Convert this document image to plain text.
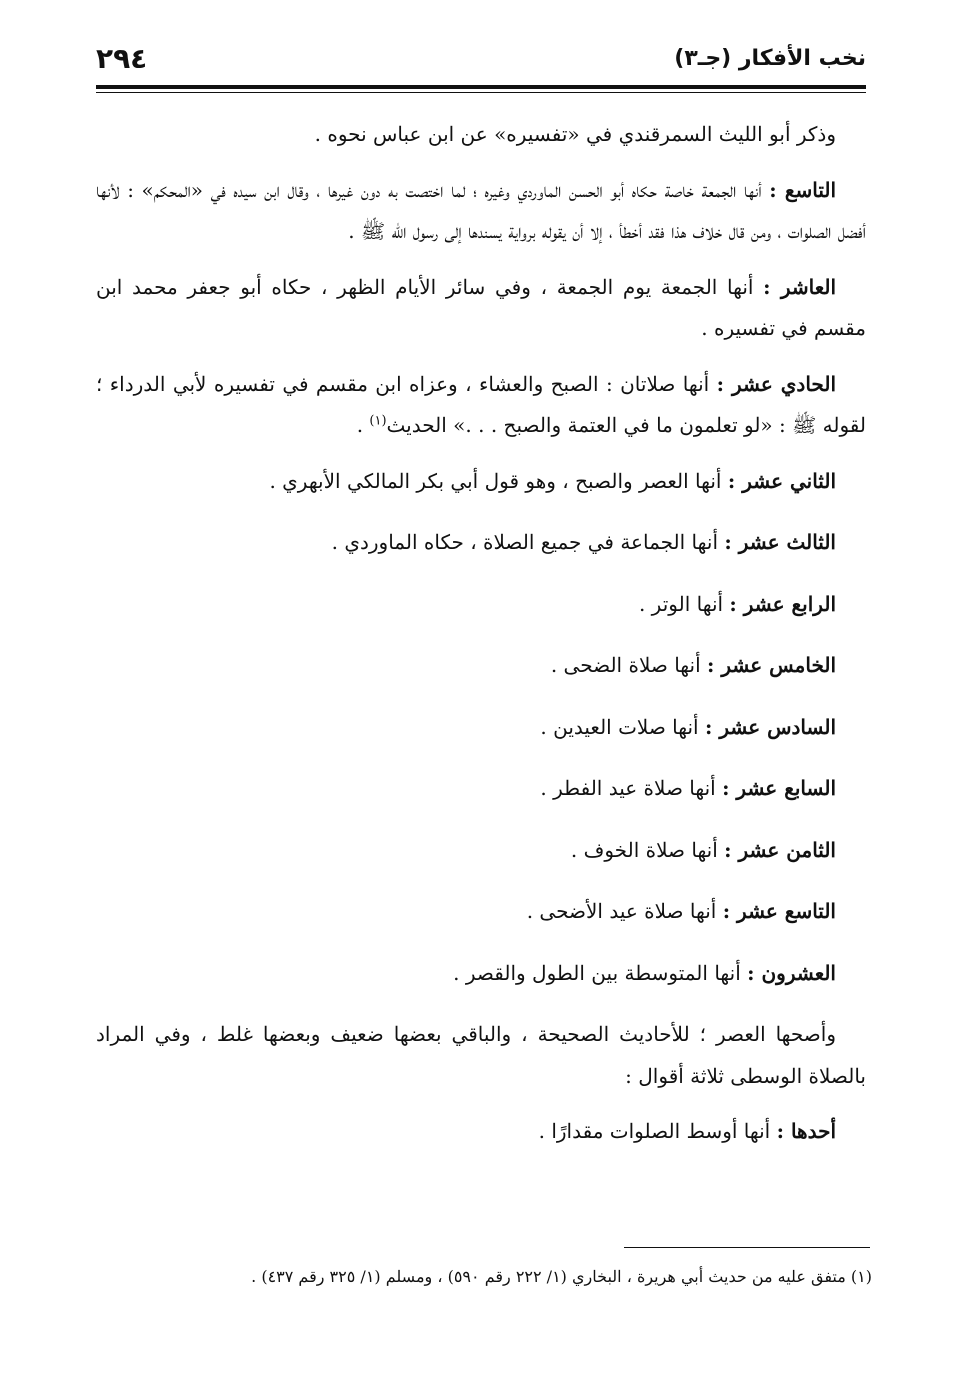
٢٩٤	نخب الأفكار (جـ٣)

وذكر أبو الليث السمرقندي في «تفسيره» عن ابن عباس نحوه .

التاسع : أنها الجمعة خاصة حكاه أبو الحسن الماوردي وغيره ؛ لما اختصت به دون غيرها ، وقال ابن سيده في «المحكم» : لأنها أفضل الصلوات ، ومن قال خلاف هذا فقد أخطأ ، إلا أن يقوله برواية يسندها إلى رسول الله ﷺ .

العاشر : أنها الجمعة يوم الجمعة ، وفي سائر الأيام الظهر ، حكاه أبو جعفر محمد ابن مقسم في تفسيره .

الحادي عشر : أنها صلاتان : الصبح والعشاء ، وعزاه ابن مقسم في تفسيره لأبي الدرداء ؛ لقوله ﷺ : «لو تعلمون ما في العتمة والصبح . . .» الحديث$^{(١)}$ .

الثاني عشر : أنها العصر والصبح ، وهو قول أبي بكر المالكي الأبهري .

الثالث عشر : أنها الجماعة في جميع الصلاة ، حكاه الماوردي .

الرابع عشر : أنها الوتر .

الخامس عشر : أنها صلاة الضحى .

السادس عشر : أنها صلات العيدين .

السابع عشر : أنها صلاة عيد الفطر .

الثامن عشر : أنها صلاة الخوف .

التاسع عشر : أنها صلاة عيد الأضحى .

العشرون : أنها المتوسطة بين الطول والقصر .

وأصحها العصر ؛ للأحاديث الصحيحة ، والباقي بعضها ضعيف وبعضها غلط ، وفي المراد بالصلاة الوسطى ثلاثة أقوال :

أحدها : أنها أوسط الصلوات مقدارًا .

(١) متفق عليه من حديث أبي هريرة ، البخاري (١/ ٢٢٢ رقم ٥٩٠) ، ومسلم (١/ ٣٢٥ رقم ٤٣٧) .
